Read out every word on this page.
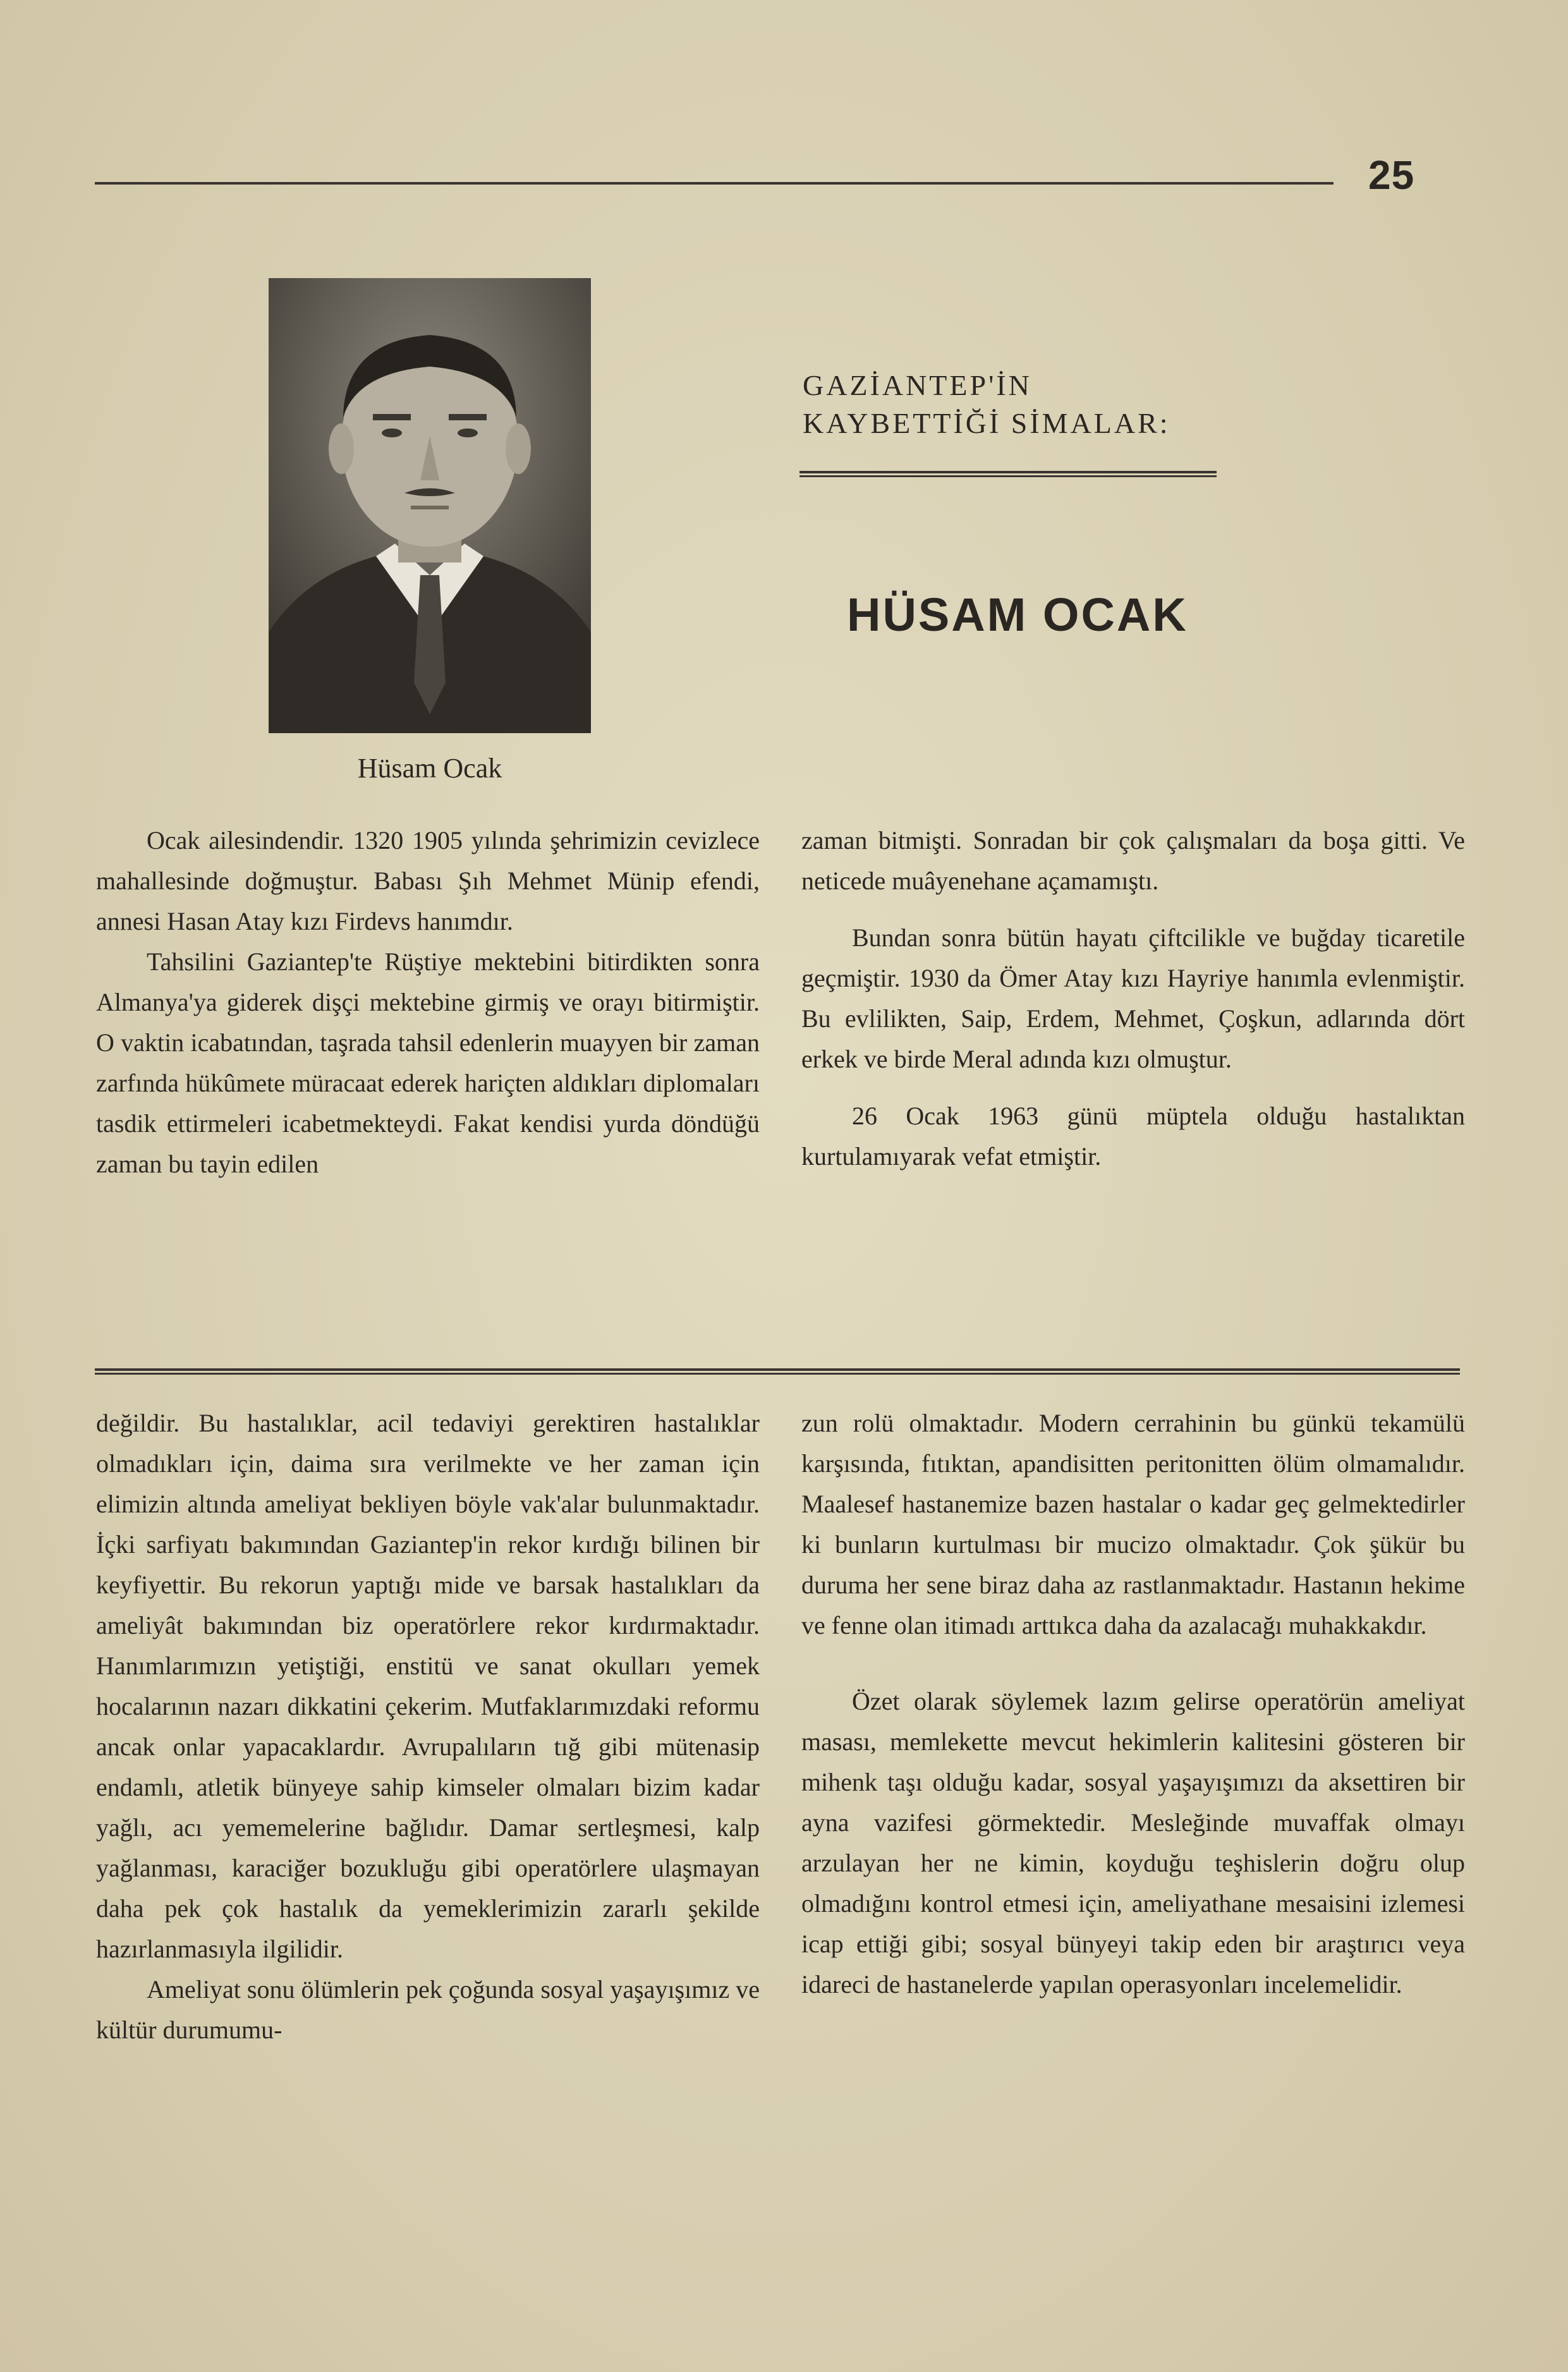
25
Hüsam Ocak
GAZİANTEP'İN
KAYBETTİĞİ SİMALAR:
HÜSAM OCAK

Ocak ailesindendir. 1320 1905 yılında şehrimizin cevizlece mahallesinde doğmuştur. Babası Şıh Mehmet Münip efendi, annesi Hasan Atay kızı Firdevs hanımdır.

Tahsilini Gaziantep'te Rüştiye mektebini bitirdikten sonra Almanya'ya giderek dişçi mektebine girmiş ve orayı bitirmiştir. O vaktin icabatından, taşrada tahsil edenlerin muayyen bir zaman zarfında hükûmete müracaat ederek hariçten aldıkları diplomaları tasdik ettirmeleri icabetmekteydi. Fakat kendisi yurda döndüğü zaman bu tayin edilen

zaman bitmişti. Sonradan bir çok çalışmaları da boşa gitti. Ve neticede muâyenehane açamamıştı.

Bundan sonra bütün hayatı çiftcilikle ve buğday ticaretile geçmiştir. 1930 da Ömer Atay kızı Hayriye hanımla evlenmiştir. Bu evlilikten, Saip, Erdem, Mehmet, Çoşkun, adlarında dört erkek ve birde Meral adında kızı olmuştur.

26 Ocak 1963 günü müptela olduğu hastalıktan kurtulamıyarak vefat etmiştir.

değildir. Bu hastalıklar, acil tedaviyi gerektiren hastalıklar olmadıkları için, daima sıra verilmekte ve her zaman için elimizin altında ameliyat bekliyen böyle vak'alar bulunmaktadır. İçki sarfiyatı bakımından Gaziantep'in rekor kırdığı bilinen bir keyfiyettir. Bu rekorun yaptığı mide ve barsak hastalıkları da ameliyât bakımından biz operatörlere rekor kırdırmaktadır. Hanımlarımızın yetiştiği, enstitü ve sanat okulları yemek hocalarının nazarı dikkatini çekerim. Mutfaklarımızdaki reformu ancak onlar yapacaklardır. Avrupalıların tığ gibi mütenasip endamlı, atletik bünyeye sahip kimseler olmaları bizim kadar yağlı, acı yememelerine bağlıdır. Damar sertleşmesi, kalp yağlanması, karaciğer bozukluğu gibi operatörlere ulaşmayan daha pek çok hastalık da yemeklerimizin zararlı şekilde hazırlanmasıyla ilgilidir.

Ameliyat sonu ölümlerin pek çoğunda sosyal yaşayışımız ve kültür durumumu-

zun rolü olmaktadır. Modern cerrahinin bu günkü tekamülü karşısında, fıtıktan, apandisitten peritonitten ölüm olmamalıdır. Maalesef hastanemize bazen hastalar o kadar geç gelmektedirler ki bunların kurtulması bir mucizo olmaktadır. Çok şükür bu duruma her sene biraz daha az rastlanmaktadır. Hastanın hekime ve fenne olan itimadı arttıkca daha da azalacağı muhakkakdır.

Özet olarak söylemek lazım gelirse operatörün ameliyat masası, memlekette mevcut hekimlerin kalitesini gösteren bir mihenk taşı olduğu kadar, sosyal yaşayışımızı da aksettiren bir ayna vazifesi görmektedir. Mesleğinde muvaffak olmayı arzulayan her ne kimin, koyduğu teşhislerin doğru olup olmadığını kontrol etmesi için, ameliyathane mesaisini izlemesi icap ettiği gibi; sosyal bünyeyi takip eden bir araştırıcı veya idareci de hastanelerde yapılan operasyonları incelemelidir.
